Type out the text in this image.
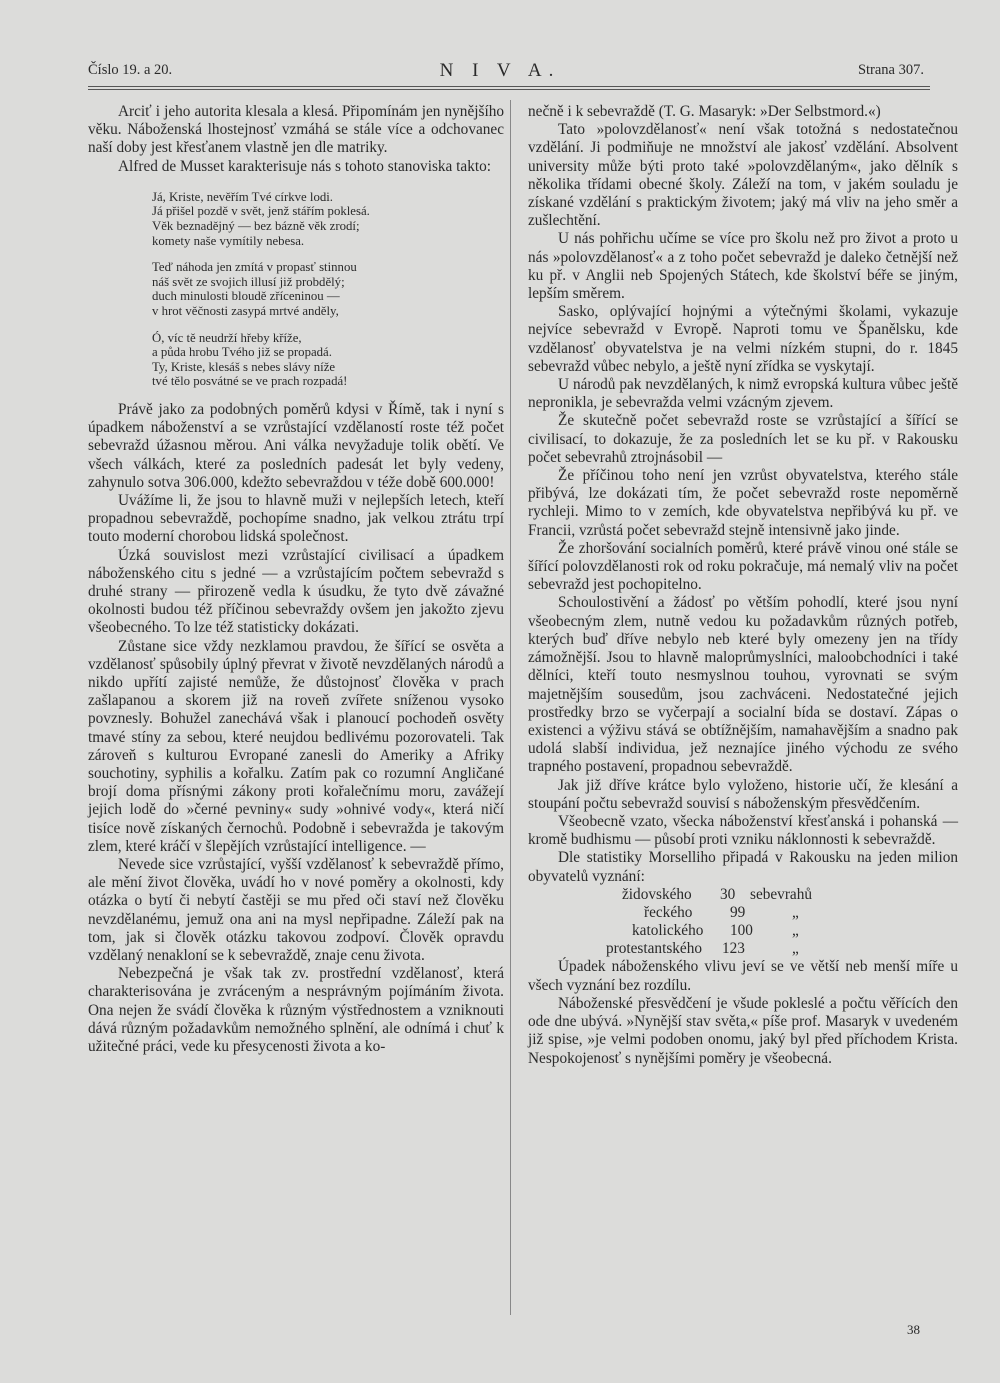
Číslo 19. a 20.	N I V A.	Strana 307.

Arciť i jeho autorita klesala a klesá. Připomínám jen nynějšího věku. Náboženská lhostejnosť vzmáhá se stále více a odchovanec naší doby jest křesťanem vlastně jen dle matriky.

Alfred de Musset karakterisuje nás s tohoto stanoviska takto:

Já, Kriste, nevěřím Tvé církve lodi.
Já přišel pozdě v svět, jenž stářím poklesá.
Věk beznadějný — bez bázně věk zrodí;
komety naše vymítily nebesa.
Teď náhoda jen zmítá v propasť stinnou
náš svět ze svojich illusí již probdělý;
duch minulosti bloudě zříceninou —
v hrot věčnosti zasypá mrtvé anděly,
Ó, víc tě neudrží hřeby kříže,
a půda hrobu Tvého již se propadá.
Ty, Kriste, klesáš s nebes slávy níže
tvé tělo posvátné se ve prach rozpadá!

Právě jako za podobných poměrů kdysi v Římě, tak i nyní s úpadkem náboženství a se vzrůstající vzdělaností roste též počet sebevražd úžasnou měrou. Ani válka nevyžaduje tolik obětí. Ve všech válkách, které za posledních padesát let byly vedeny, zahynulo sotva 306.000, kdežto sebevraždou v téže době 600.000!

Uvážíme li, že jsou to hlavně muži v nejlepších letech, kteří propadnou sebevraždě, pochopíme snadno, jak velkou ztrátu trpí touto moderní chorobou lidská společnost.

Úzká souvislost mezi vzrůstající civilisací a úpadkem náboženského citu s jedné — a vzrůstajícím počtem sebevražd s druhé strany — přirozeně vedla k úsudku, že tyto dvě závažné okolnosti budou též příčinou sebevraždy ovšem jen jakožto zjevu všeobecného. To lze též statisticky dokázati.

Zůstane sice vždy nezklamou pravdou, že šířící se osvěta a vzdělanosť spůsobily úplný převrat v životě nevzdělaných národů a nikdo upřítí zajisté nemůže, že důstojnosť člověka v prach zašlapanou a skorem již na roveň zvířete sníženou vysoko povznesly. Bohužel zanechává však i planoucí pochodeň osvěty tmavé stíny za sebou, které neujdou bedlivému pozorovateli. Tak zároveň s kulturou Evropané zanesli do Ameriky a Afriky souchotiny, syphilis a kořalku. Zatím pak co rozumní Angličané brojí doma přísnými zákony proti kořalečnímu moru, zavážejí jejich lodě do »černé pevniny« sudy »ohnivé vody«, která ničí tisíce nově získaných černochů. Podobně i sebevražda je takovým zlem, které kráčí v šlepějích vzrůstající intelligence. —

Nevede sice vzrůstající, vyšší vzdělanosť k sebevraždě přímo, ale mění život člověka, uvádí ho v nové poměry a okolnosti, kdy otázka o bytí či nebytí častěji se mu před oči staví než člověku nevzdělanému, jemuž ona ani na mysl nepřipadne. Záleží pak na tom, jak si člověk otázku takovou zodpoví. Člověk opravdu vzdělaný nenakloní se k sebevraždě, znaje cenu života.

Nebezpečná je však tak zv. prostřední vzdělanosť, která charakterisována je zvráceným a nesprávným pojímáním života. Ona nejen že svádí člověka k různým výstřednostem a vzniknouti dává různým požadavkům nemožného splnění, ale odnímá i chuť k užitečné práci, vede ku přesycenosti života a ko-

nečně i k sebevraždě (T. G. Masaryk: »Der Selbstmord.«)

Tato »polovzdělanosť« není však totožná s nedostatečnou vzdělání. Ji podmiňuje ne množství ale jakosť vzdělání. Absolvent university může býti proto také »polovzdělaným«, jako dělník s několika třídami obecné školy. Záleží na tom, v jakém souladu je získané vzdělání s praktickým životem; jaký má vliv na jeho směr a zušlechtění.

U nás pohřichu učíme se více pro školu než pro život a proto u nás »polovzdělanosť« a z toho počet sebevražd je daleko četnější než ku př. v Anglii neb Spojených Státech, kde školství béře se jiným, lepším směrem.

Sasko, oplývající hojnými a výtečnými školami, vykazuje nejvíce sebevražd v Evropě. Naproti tomu ve Španělsku, kde vzdělanosť obyvatelstva je na velmi nízkém stupni, do r. 1845 sebevražd vůbec nebylo, a ještě nyní zřídka se vyskytají.

U národů pak nevzdělaných, k nimž evropská kultura vůbec ještě nepronikla, je sebevražda velmi vzácným zjevem.

Že skutečně počet sebevražd roste se vzrůstající a šířící se civilisací, to dokazuje, že za posledních let se ku př. v Rakousku počet sebevrahů ztrojnásobil —

Že příčinou toho není jen vzrůst obyvatelstva, kterého stále přibývá, lze dokázati tím, že počet sebevražd roste nepoměrně rychleji. Mimo to v zemích, kde obyvatelstva nepřibývá ku př. ve Francii, vzrůstá počet sebevražd stejně intensivně jako jinde.

Že zhoršování socialních poměrů, které právě vinou oné stále se šířící polovzdělanosti rok od roku pokračuje, má nemalý vliv na počet sebevražd jest pochopitelno.

Schoulostivění a žádosť po větším pohodlí, které jsou nyní všeobecným zlem, nutně vedou ku požadavkům různých potřeb, kterých buď dříve nebylo neb které byly omezeny jen na třídy zámožnější. Jsou to hlavně maloprůmyslníci, maloobchodníci i také dělníci, kteří touto nesmyslnou touhou, vyrovnati se svým majetnějším sousedům, jsou zachváceni. Nedostatečné jejich prostředky brzo se vyčerpají a socialní bída se dostaví. Zápas o existenci a výživu stává se obtížnějším, namahavějším a snadno pak udolá slabší individua, jež neznajíce jiného východu ze svého trapného postavení, propadnou sebevraždě.

Jak již dříve krátce bylo vyloženo, historie učí, že klesání a stoupání počtu sebevražd souvisí s náboženským přesvědčením.

Všeobecně vzato, všecka náboženství křesťanská i pohanská — kromě budhismu — působí proti vzniku náklonnosti k sebevraždě.

Dle statistiky Morselliho připadá v Rakousku na jeden milion obyvatelů vyznání:

židovského 30 sebevrahů
řeckého 99	„
katolického 100	„
protestantského 123	„

Úpadek náboženského vlivu jeví se ve větší neb menší míře u všech vyznání bez rozdílu.

Náboženské přesvědčení je všude pokleslé a počtu věřících den ode dne ubývá. »Nynější stav světa,« píše prof. Masaryk v uvedeném již spise, »je velmi podoben onomu, jaký byl před příchodem Krista. Nespokojenosť s nynějšími poměry je všeobecná.

38
